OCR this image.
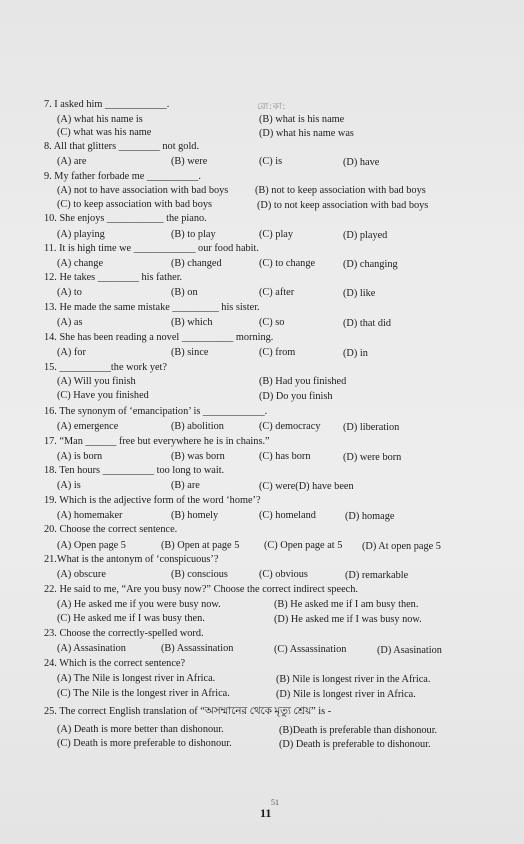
রো:কা:
7. I asked him ____________.
(A) what his name is	(B) what is his name
(C) what was his name	(D) what his name was
8. All that glitters ________ not gold.
(A) are	(B) were	(C) is	(D) have
9. My father forbade me __________.
(A) not to have association with bad boys	(B) not to keep association with bad boys
(C) to keep association with bad boys	(D) to not keep association with bad boys
10. She enjoys ___________ the piano.
(A) playing	(B) to play	(C) play	(D) played
11. It is high time we ____________ our food habit.
(A) change	(B) changed	(C) to change	(D) changing
12. He takes ________ his father.
(A) to	(B) on	(C) after	(D) like
13. He made the same mistake _________ his sister.
(A) as	(B) which	(C) so	(D) that did
14. She has been reading a novel __________ morning.
(A) for	(B) since	(C) from	(D) in
15. __________the work yet?
(A) Will you finish	(B) Had you finished
(C) Have you finished	(D) Do you finish
16. The synonym of ‘emancipation’ is ____________.
(A) emergence	(B) abolition	(C) democracy (D) liberation
17. “Man ______ free but everywhere he is in chains.”
(A) is born	(B) was born	(C) has born	(D) were born
18. Ten hours __________ too long to wait.
(A) is	(B) are	(C) were(D) have been
19. Which is the adjective form of the word ‘home’?
(A) homemaker	(B) homely	(C) homeland	(D) homage
20. Choose the correct sentence.
(A) Open page 5	(B) Open at page 5 (C) Open page at 5 (D) At open page 5
21.What is the antonym of ‘conspicuous’?
(A) obscure	(B) conscious	(C) obvious	(D) remarkable
22. He said to me, “Are you busy now?” Choose the correct indirect speech.
(A) He asked me if you were busy now.	(B) He asked me if I am busy then.
(C) He asked me if I was busy then.	(D) He asked me if I was busy now.
23. Choose the correctly-spelled word.
(A) Assasination	(B) Assassination	(C) Assassination	(D) Asasination
24. Which is the correct sentence?
(A) The Nile is longest river in Africa.	(B) Nile is longest river in the Africa.
(C) The Nile is the longest river in Africa.	(D) Nile is longest river in Africa.
25. The correct English translation of “অসম্মানের থেকে মৃত্যু শ্রেয়” is -
(A) Death is more better than dishonour.	(B)Death is preferable than dishonour.
(C) Death is more preferable to dishonour.	(D) Death is preferable to dishonour.
51
11
